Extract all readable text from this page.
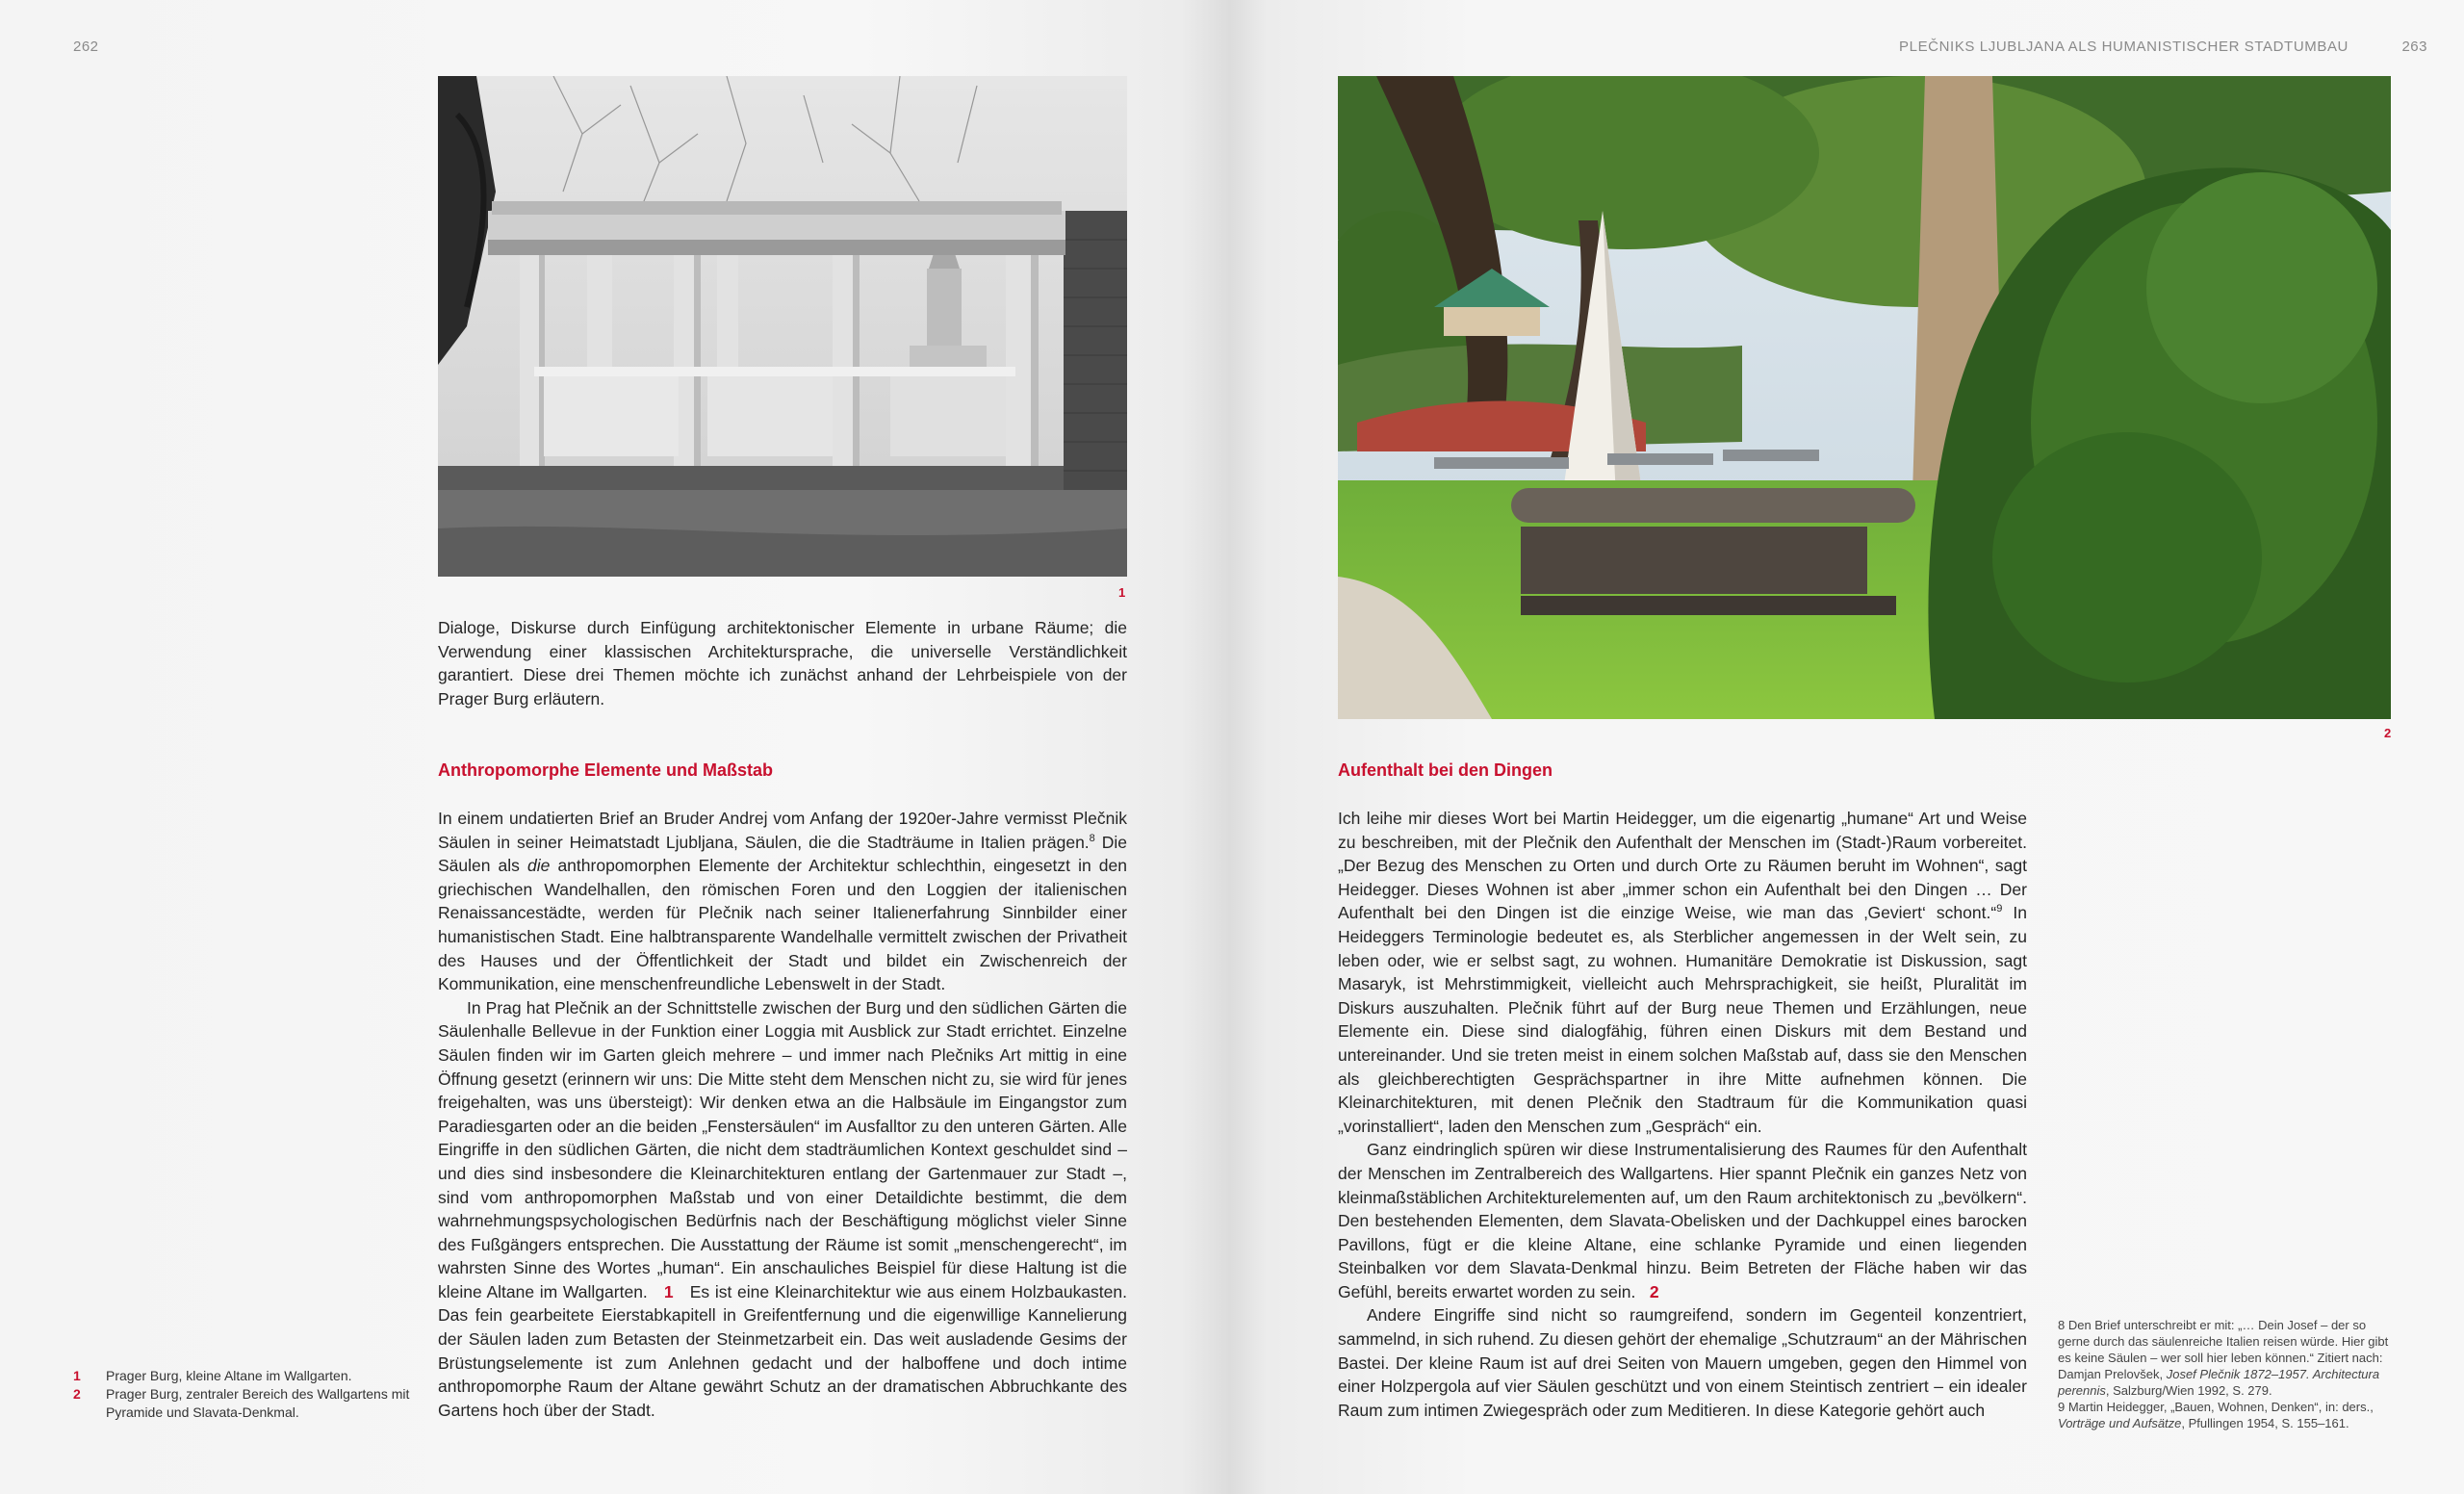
262
1

Dialoge, Diskurse durch Einfügung architektonischer Elemente in urbane Räume; die Verwendung einer klassischen Architektursprache, die universelle Verständlichkeit garantiert. Diese drei Themen möchte ich zunächst anhand der Lehrbeispiele von der Prager Burg erläutern.

Anthropomorphe Elemente und Maßstab

In einem undatierten Brief an Bruder Andrej vom Anfang der 1920er-Jahre vermisst Plečnik Säulen in seiner Heimatstadt Ljubljana, Säulen, die die Stadträume in Italien prägen.$^8$ Die Säulen als die anthropomorphen Elemente der Architektur schlechthin, eingesetzt in den griechischen Wandelhallen, den römischen Foren und den Loggien der italienischen Renaissancestädte, werden für Plečnik nach seiner Italienerfahrung Sinnbilder einer humanistischen Stadt. Eine halbtransparente Wandelhalle vermittelt zwischen der Privatheit des Hauses und der Öffentlichkeit der Stadt und bildet ein Zwischenreich der Kommunikation, eine menschenfreundliche Lebenswelt in der Stadt.

In Prag hat Plečnik an der Schnittstelle zwischen der Burg und den südlichen Gärten die Säulenhalle Bellevue in der Funktion einer Loggia mit Ausblick zur Stadt errichtet. Einzelne Säulen finden wir im Garten gleich mehrere – und immer nach Plečniks Art mittig in eine Öffnung gesetzt (erinnern wir uns: Die Mitte steht dem Menschen nicht zu, sie wird für jenes freigehalten, was uns übersteigt): Wir denken etwa an die Halbsäule im Eingangstor zum Paradiesgarten oder an die beiden „Fenstersäulen“ im Ausfalltor zu den unteren Gärten. Alle Eingriffe in den südlichen Gärten, die nicht dem stadträumlichen Kontext geschuldet sind – und dies sind insbesondere die Kleinarchitekturen entlang der Gartenmauer zur Stadt –, sind vom anthropomorphen Maßstab und von einer Detaildichte bestimmt, die dem wahrnehmungspsychologischen Bedürfnis nach der Beschäftigung möglichst vieler Sinne des Fußgängers entsprechen. Die Ausstattung der Räume ist somit „menschengerecht“, im wahrsten Sinne des Wortes „human“. Ein anschauliches Beispiel für diese Haltung ist die kleine Altane im Wallgarten. 1   Es ist eine Kleinarchitektur wie aus einem Holzbaukasten. Das fein gearbeitete Eierstabkapitell in Greifentfernung und die eigenwillige Kannelierung der Säulen laden zum Betasten der Steinmetzarbeit ein. Das weit ausladende Gesims der Brüstungselemente ist zum Anlehnen gedacht und der halboffene und doch intime anthropomorphe Raum der Altane gewährt Schutz an der dramatischen Abbruchkante des Gartens hoch über der Stadt.

1	Prager Burg, kleine Altane im Wallgarten.
2	Prager Burg, zentraler Bereich des Wallgartens mit Pyramide und Slavata-Denkmal.
PLEČNIKS LJUBLJANA ALS HUMANISTISCHER STADTUMBAU	263
2
Aufenthalt bei den Dingen

Ich leihe mir dieses Wort bei Martin Heidegger, um die eigenartig „humane“ Art und Weise zu beschreiben, mit der Plečnik den Aufenthalt der Menschen im (Stadt-)Raum vorbereitet. „Der Bezug des Menschen zu Orten und durch Orte zu Räumen beruht im Wohnen“, sagt Heidegger. Dieses Wohnen ist aber „immer schon ein Aufenthalt bei den Dingen … Der Aufenthalt bei den Dingen ist die einzige Weise, wie man das ‚Geviert‘ schont.“$^9$ In Heideggers Terminologie bedeutet es, als Sterblicher angemessen in der Welt sein, zu leben oder, wie er selbst sagt, zu wohnen. Humanitäre Demokratie ist Diskussion, sagt Masaryk, ist Mehrstimmigkeit, vielleicht auch Mehrsprachigkeit, sie heißt, Pluralität im Diskurs auszuhalten. Plečnik führt auf der Burg neue Themen und Erzählungen, neue Elemente ein. Diese sind dialogfähig, führen einen Diskurs mit dem Bestand und untereinander. Und sie treten meist in einem solchen Maßstab auf, dass sie den Menschen als gleichberechtigten Gesprächspartner in ihre Mitte aufnehmen können. Die Kleinarchitekturen, mit denen Plečnik den Stadtraum für die Kommunikation quasi „vorinstalliert“, laden den Menschen zum „Gespräch“ ein.

Ganz eindringlich spüren wir diese Instrumentalisierung des Raumes für den Aufenthalt der Menschen im Zentralbereich des Wallgartens. Hier spannt Plečnik ein ganzes Netz von kleinmaßstäblichen Architekturelementen auf, um den Raum architektonisch zu „bevölkern“. Den bestehenden Elementen, dem Slavata-Obelisken und der Dachkuppel eines barocken Pavillons, fügt er die kleine Altane, eine schlanke Pyramide und einen liegenden Steinbalken vor dem Slavata-Denkmal hinzu. Beim Betreten der Fläche haben wir das Gefühl, bereits erwartet worden zu sein. 2

Andere Eingriffe sind nicht so raumgreifend, sondern im Gegenteil konzentriert, sammelnd, in sich ruhend. Zu diesen gehört der ehemalige „Schutzraum“ an der Mährischen Bastei. Der kleine Raum ist auf drei Seiten von Mauern umgeben, gegen den Himmel von einer Holzpergola auf vier Säulen geschützt und von einem Steintisch zentriert – ein idealer Raum zum intimen Zwiegespräch oder zum Meditieren. In diese Kategorie gehört auch

8 Den Brief unterschreibt er mit: „… Dein Josef – der so gerne durch das säulenreiche Italien reisen würde. Hier gibt es keine Säulen – wer soll hier leben können.“ Zitiert nach: Damjan Prelovšek, Josef Plečnik 1872–1957. Architectura perennis, Salzburg/Wien 1992, S. 279.

9 Martin Heidegger, „Bauen, Wohnen, Denken“, in: ders., Vorträge und Aufsätze, Pfullingen 1954, S. 155–161.
